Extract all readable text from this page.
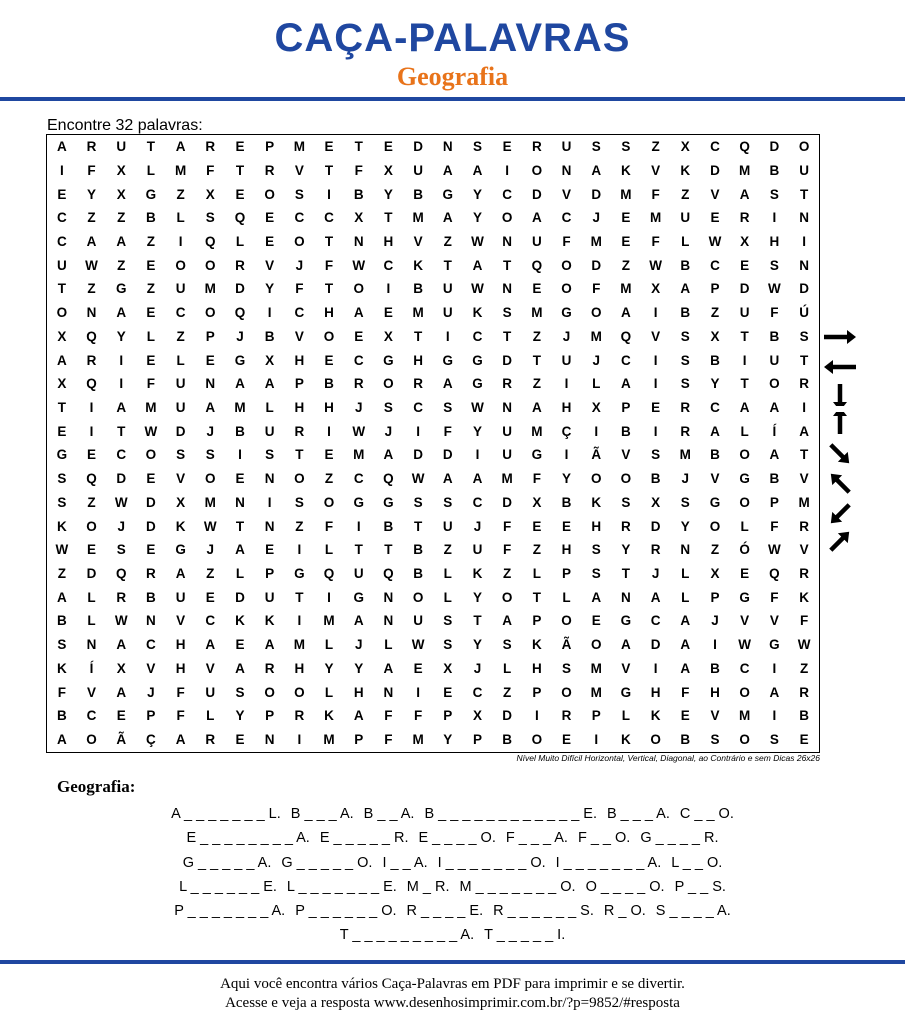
CAÇA-PALAVRAS
Geografia
Encontre 32 palavras:
A	R	U	T	A	R	E	P	M	E	T	E	D	N	S	E	R	U	S	S	Z	X	C	Q	D	O
I	F	X	L	M	F	T	R	V	T	F	X	U	A	A	I	O	N	A	K	V	K	D	M	B	U
E	Y	X	G	Z	X	E	O	S	I	B	Y	B	G	Y	C	D	V	D	M	F	Z	V	A	S	T
C	Z	Z	B	L	S	Q	E	C	C	X	T	M	A	Y	O	A	C	J	E	M	U	E	R	I	N
C	A	A	Z	I	Q	L	E	O	T	N	H	V	Z	W	N	U	F	M	E	F	L	W	X	H	I
U	W	Z	E	O	O	R	V	J	F	W	C	K	T	A	T	Q	O	D	Z	W	B	C	E	S	N
T	Z	G	Z	U	M	D	Y	F	T	O	I	B	U	W	N	E	O	F	M	X	A	P	D	W	D
O	N	A	E	C	O	Q	I	C	H	A	E	M	U	K	S	M	G	O	A	I	B	Z	U	F	Ú
X	Q	Y	L	Z	P	J	B	V	O	E	X	T	I	C	T	Z	J	M	Q	V	S	X	T	B	S
A	R	I	E	L	E	G	X	H	E	C	G	H	G	G	D	T	U	J	C	I	S	B	I	U	T
X	Q	I	F	U	N	A	A	P	B	R	O	R	A	G	R	Z	I	L	A	I	S	Y	T	O	R
T	I	A	M	U	A	M	L	H	H	J	S	C	S	W	N	A	H	X	P	E	R	C	A	A	I
E	I	T	W	D	J	B	U	R	I	W	J	I	F	Y	U	M	Ç	I	B	I	R	A	L	Í	A
G	E	C	O	S	S	I	S	T	E	M	A	D	D	I	U	G	I	Ã	V	S	M	B	O	A	T
S	Q	D	E	V	O	E	N	O	Z	C	Q	W	A	A	M	F	Y	O	O	B	J	V	G	B	V
S	Z	W	D	X	M	N	I	S	O	G	G	S	S	C	D	X	B	K	S	X	S	G	O	P	M
K	O	J	D	K	W	T	N	Z	F	I	B	T	U	J	F	E	E	H	R	D	Y	O	L	F	R
W	E	S	E	G	J	A	E	I	L	T	T	B	Z	U	F	Z	H	S	Y	R	N	Z	Ó	W	V
Z	D	Q	R	A	Z	L	P	G	Q	U	Q	B	L	K	Z	L	P	S	T	J	L	X	E	Q	R
A	L	R	B	U	E	D	U	T	I	G	N	O	L	Y	O	T	L	A	N	A	L	P	G	F	K
B	L	W	N	V	C	K	K	I	M	A	N	U	S	T	A	P	O	E	G	C	A	J	V	V	F
S	N	A	C	H	A	E	A	M	L	J	L	W	S	Y	S	K	Ã	O	A	D	A	I	W	G	W
K	Í	X	V	H	V	A	R	H	Y	Y	A	E	X	J	L	H	S	M	V	I	A	B	C	I	Z
F	V	A	J	F	U	S	O	O	L	H	N	I	E	C	Z	P	O	M	G	H	F	H	O	A	R
B	C	E	P	F	L	Y	P	R	K	A	F	F	P	X	D	I	R	P	L	K	E	V	M	I	B
A	O	Ã	Ç	A	R	E	N	I	M	P	F	M	Y	P	B	O	E	I	K	O	B	S	O	S	E
Nível Muito Difícil Horizontal, Vertical, Diagonal, ao Contrário e sem Dicas 26x26
Geografia:
A _ _ _ _ _ _ _ L. B _ _ _ A. B _ _ A. B _ _ _ _ _ _ _ _ _ _ _ _ E. B _ _ _ A. C _ _ O.
E _ _ _ _ _ _ _ _ A. E _ _ _ _ _ R. E _ _ _ _ O. F _ _ _ A. F _ _ O. G _ _ _ _ R.
G _ _ _ _ _ A. G _ _ _ _ _ O. I _ _ A. I _ _ _ _ _ _ _ O. I _ _ _ _ _ _ _ A. L _ _ O.
L _ _ _ _ _ _ E. L _ _ _ _ _ _ _ E. M _ R. M _ _ _ _ _ _ _ O. O _ _ _ _ O. P _ _ S.
P _ _ _ _ _ _ _ A. P _ _ _ _ _ _ O. R _ _ _ _ E. R _ _ _ _ _ _ S. R _ O. S _ _ _ _ A.
T _ _ _ _ _ _ _ _ _ A. T _ _ _ _ _ I.
Aqui você encontra vários Caça-Palavras em PDF para imprimir e se divertir.
Acesse e veja a resposta www.desenhosimprimir.com.br/?p=9852/#resposta
